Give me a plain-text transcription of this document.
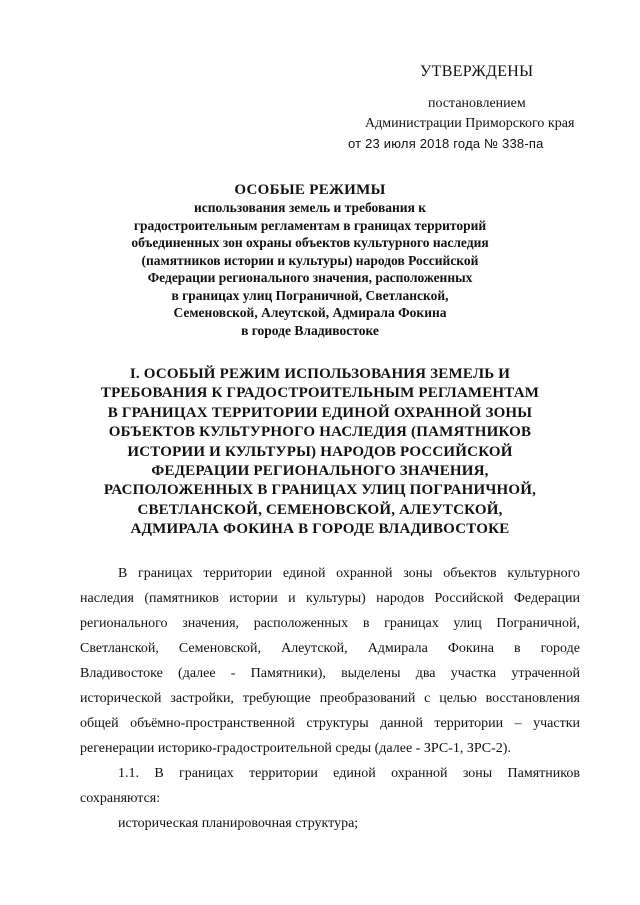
УТВЕРЖДЕНЫ
постановлением
Администрации Приморского края
от 23 июля 2018 года № 338-па
ОСОБЫЕ РЕЖИМЫ
использования земель и требования к
градостроительным регламентам в границах территорий
объединенных зон охраны объектов культурного наследия
(памятников истории и культуры) народов Российской
Федерации регионального значения, расположенных
в границах улиц Пограничной, Светланской,
Семеновской, Алеутской, Адмирала Фокина
в городе Владивостоке
I. ОСОБЫЙ РЕЖИМ ИСПОЛЬЗОВАНИЯ ЗЕМЕЛЬ И
ТРЕБОВАНИЯ К ГРАДОСТРОИТЕЛЬНЫМ РЕГЛАМЕНТАМ
В ГРАНИЦАХ ТЕРРИТОРИИ ЕДИНОЙ ОХРАННОЙ ЗОНЫ
ОБЪЕКТОВ КУЛЬТУРНОГО НАСЛЕДИЯ (ПАМЯТНИКОВ
ИСТОРИИ И КУЛЬТУРЫ) НАРОДОВ РОССИЙСКОЙ
ФЕДЕРАЦИИ РЕГИОНАЛЬНОГО ЗНАЧЕНИЯ,
РАСПОЛОЖЕННЫХ В ГРАНИЦАХ УЛИЦ ПОГРАНИЧНОЙ,
СВЕТЛАНСКОЙ, СЕМЕНОВСКОЙ, АЛЕУТСКОЙ,
АДМИРАЛА ФОКИНА В ГОРОДЕ ВЛАДИВОСТОКЕ
В границах территории единой охранной зоны объектов культурного
наследия (памятников истории и культуры) народов Российской Федерации
регионального значения, расположенных в границах улиц Пограничной,
Светланской, Семеновской, Алеутской, Адмирала Фокина в городе
Владивостоке (далее - Памятники), выделены два участка утраченной
исторической застройки, требующие преобразований с целью восстановления
общей объёмно-пространственной структуры данной территории – участки
регенерации историко-градостроительной среды (далее - ЗРС-1, ЗРС-2).
1.1. В границах территории единой охранной зоны Памятников
сохраняются:
историческая планировочная структура;
